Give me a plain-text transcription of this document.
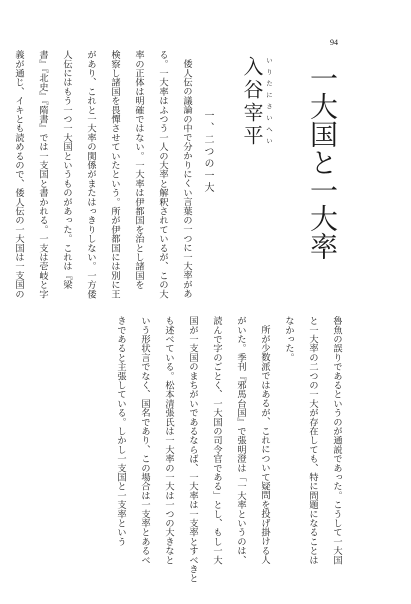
94
一大国と一大率
いりたにさいへい
入谷宰平
一、二つの一大
倭人伝の議論の中で分かりにくい言葉の一つに一大率があ
る。一大率はふつう一人の大率と解釈されているが、この大
率の正体は明確ではない。一大率は伊都国を治とし諸国を
検察し諸国を畏憚させていたという。所が伊都国には別に王
があり、これと一大率の関係がまたはっきりしない。一方倭
人伝にはもう一つ一大国というものがあった。これは『梁
書』『北史』『隋書』では一支国と書かれる。一支は壱岐と字
義が通じ、イキとも読めるので、倭人伝の一大国は一支国の
魯魚の誤りであるというのが通説であった。こうして一大国
と一大率の二つの一大が存在しても、特に問題になることは
なかった。
所が少数派ではあるが、これについて疑問を投げ掛ける人
がいた。季刊『邪馬台国』で張明澄は「一大率というのは、
読んで字のごとく、一大国の司令官である」とし、もし一大
国が一支国のまちがいであるならば、一大率は一支率とすべきと
も述べている。松本清張氏は一大率の一大は一つの大きなと
いう形状言でなく、国名であり、この場合は一支率とあるべ
きであると主張している。しかし一支国と一支率という
